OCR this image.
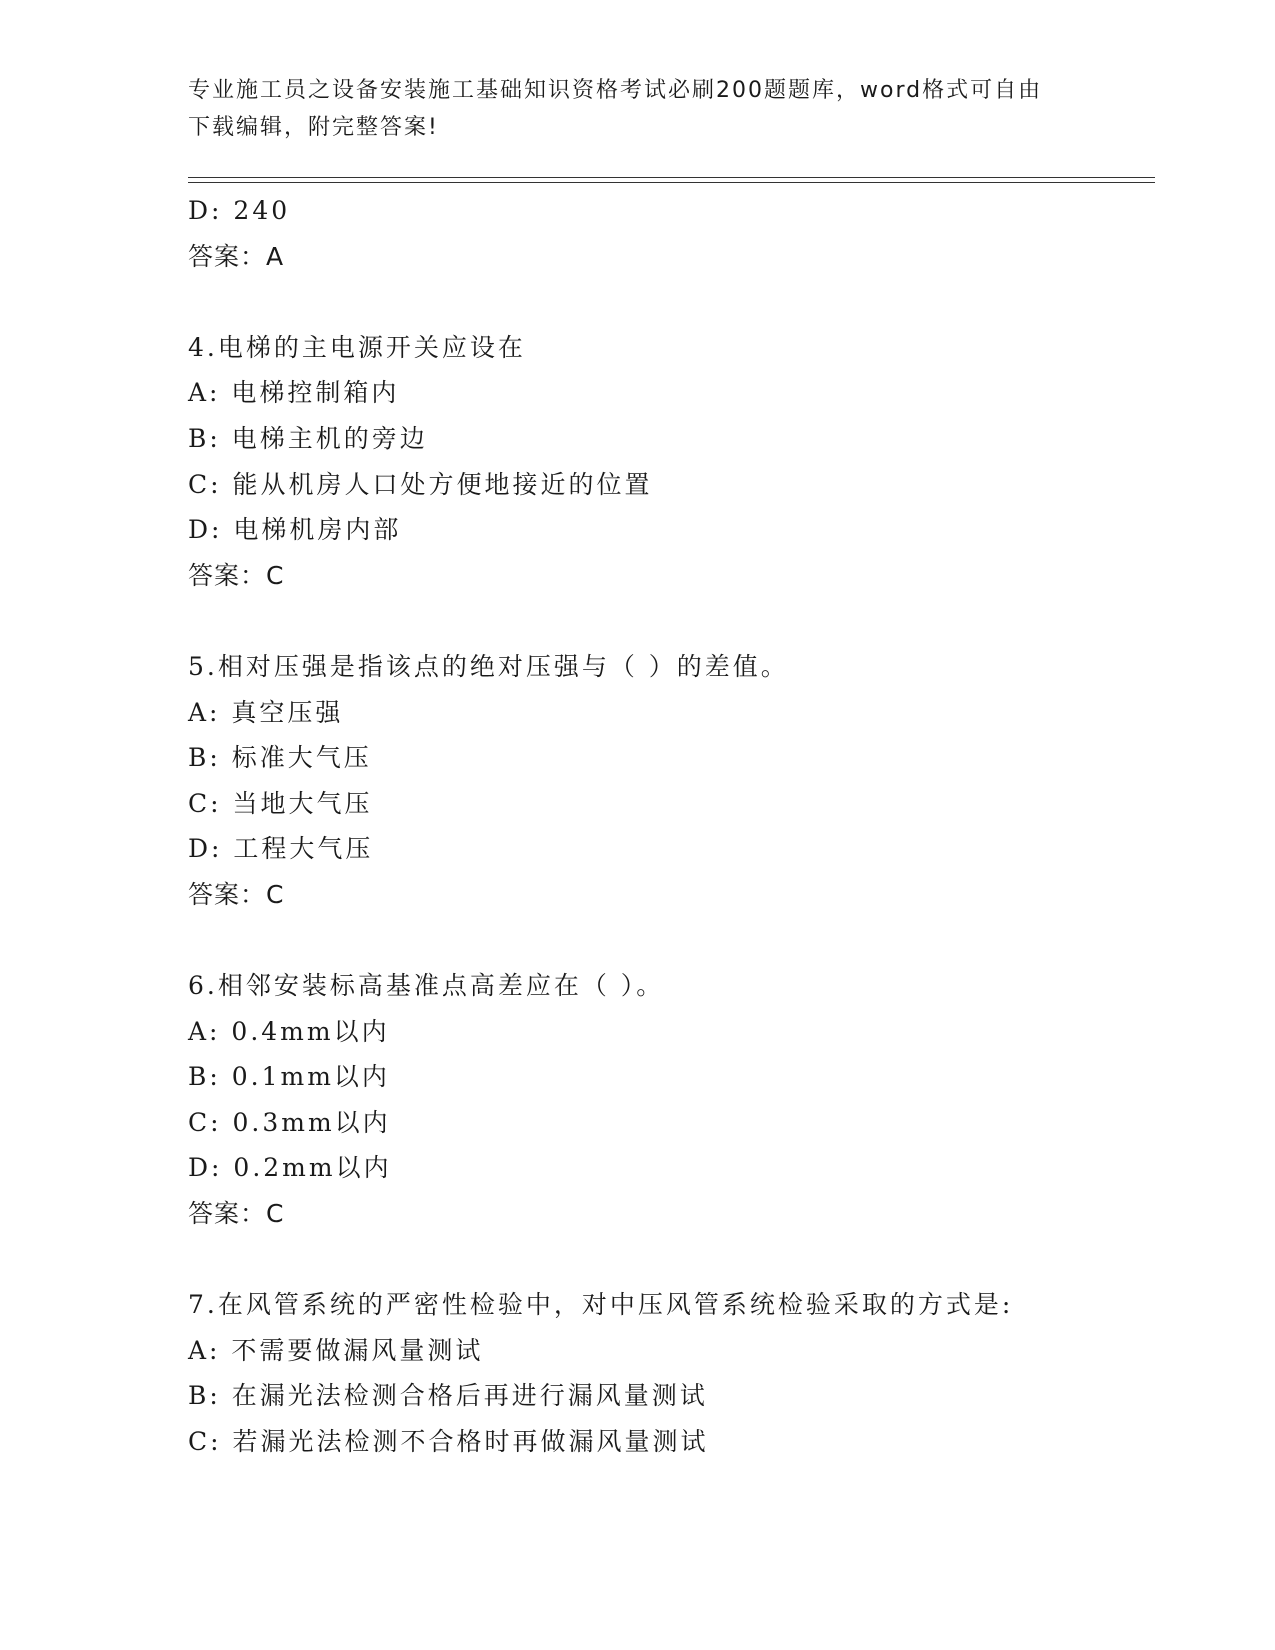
专业施工员之设备安装施工基础知识资格考试必刷200题题库，word格式可自由
下载编辑，附完整答案!
D: 240
答案：A
4.电梯的主电源开关应设在
A: 电梯控制箱内
B: 电梯主机的旁边
C: 能从机房人口处方便地接近的位置
D: 电梯机房内部
答案：C
5.相对压强是指该点的绝对压强与（ ）的差值。
A: 真空压强
B: 标准大气压
C: 当地大气压
D: 工程大气压
答案：C
6.相邻安装标高基准点高差应在（ ）。
A: 0.4mm以内
B: 0.1mm以内
C: 0.3mm以内
D: 0.2mm以内
答案：C
7.在风管系统的严密性检验中，对中压风管系统检验采取的方式是:
A: 不需要做漏风量测试
B: 在漏光法检测合格后再进行漏风量测试
C: 若漏光法检测不合格时再做漏风量测试
